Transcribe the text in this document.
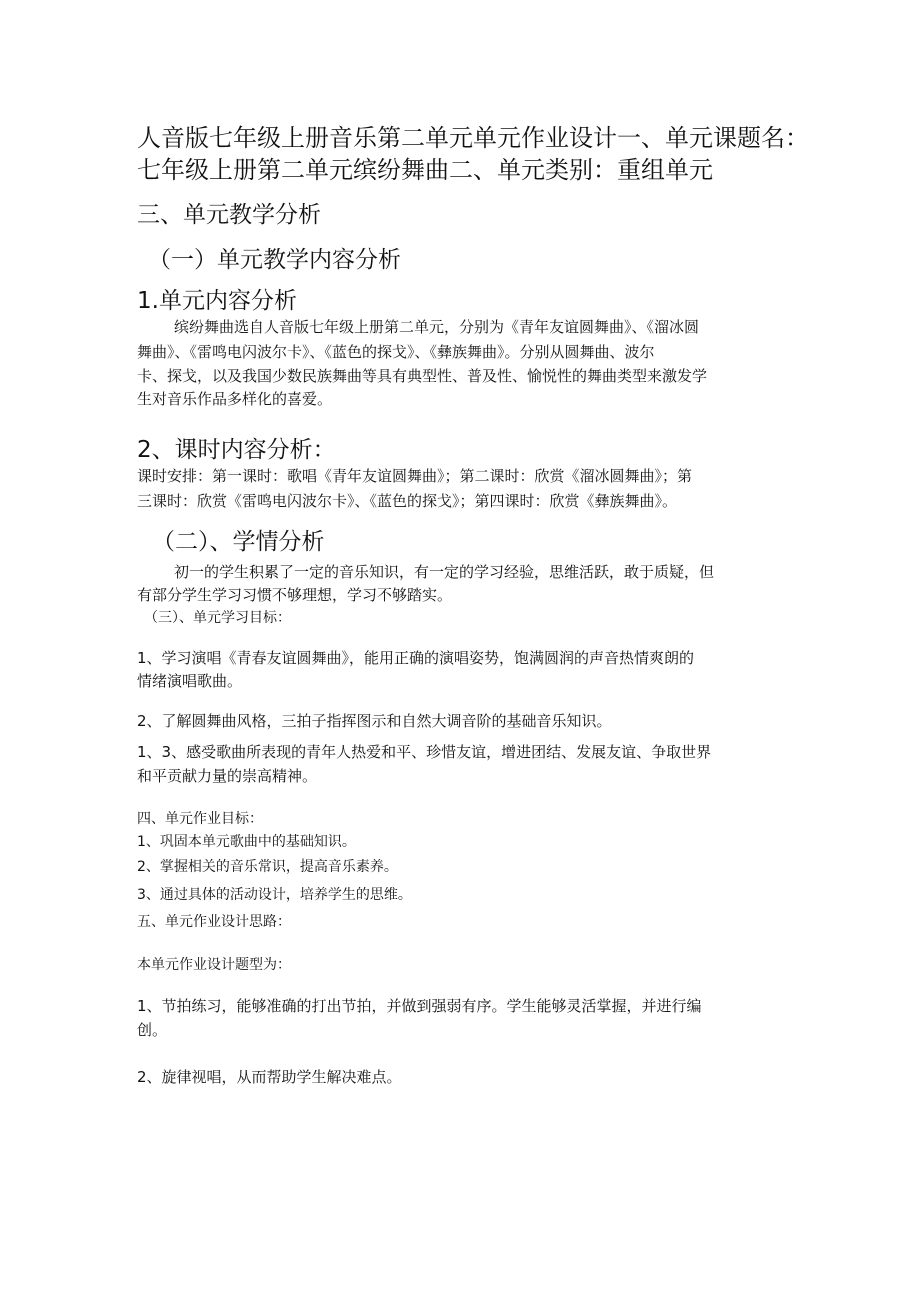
人音版七年级上册音乐第二单元单元作业设计一、单元课题名：
七年级上册第二单元缤纷舞曲二、单元类别：重组单元
三、单元教学分析
（一）单元教学内容分析
1.单元内容分析
缤纷舞曲选自人音版七年级上册第二单元，分别为《青年友谊圆舞曲》、《溜冰圆
舞曲》、《雷鸣电闪波尔卡》、《蓝色的探戈》、《彝族舞曲》。分别从圆舞曲、波尔
卡、探戈，以及我国少数民族舞曲等具有典型性、普及性、愉悦性的舞曲类型来激发学
生对音乐作品多样化的喜爱。
2、课时内容分析：
课时安排：第一课时：歌唱《青年友谊圆舞曲》；第二课时：欣赏《溜冰圆舞曲》；第
三课时：欣赏《雷鸣电闪波尔卡》、《蓝色的探戈》；第四课时：欣赏《彝族舞曲》。
（二）、学情分析
初一的学生积累了一定的音乐知识，有一定的学习经验，思维活跃，敢于质疑，但
有部分学生学习习惯不够理想，学习不够踏实。
（三）、单元学习目标：
1、学习演唱《青春友谊圆舞曲》，能用正确的演唱姿势，饱满圆润的声音热情爽朗的
情绪演唱歌曲。
2、了解圆舞曲风格，三拍子指挥图示和自然大调音阶的基础音乐知识。
1、3、感受歌曲所表现的青年人热爱和平、珍惜友谊，增进团结、发展友谊、争取世界
和平贡献力量的崇高精神。
四、单元作业目标：
1、巩固本单元歌曲中的基础知识。
2、掌握相关的音乐常识，提高音乐素养。
3、通过具体的活动设计，培养学生的思维。
五、单元作业设计思路：
本单元作业设计题型为：
1、节拍练习，能够准确的打出节拍，并做到强弱有序。学生能够灵活掌握，并进行编
创。
2、旋律视唱，从而帮助学生解决难点。
